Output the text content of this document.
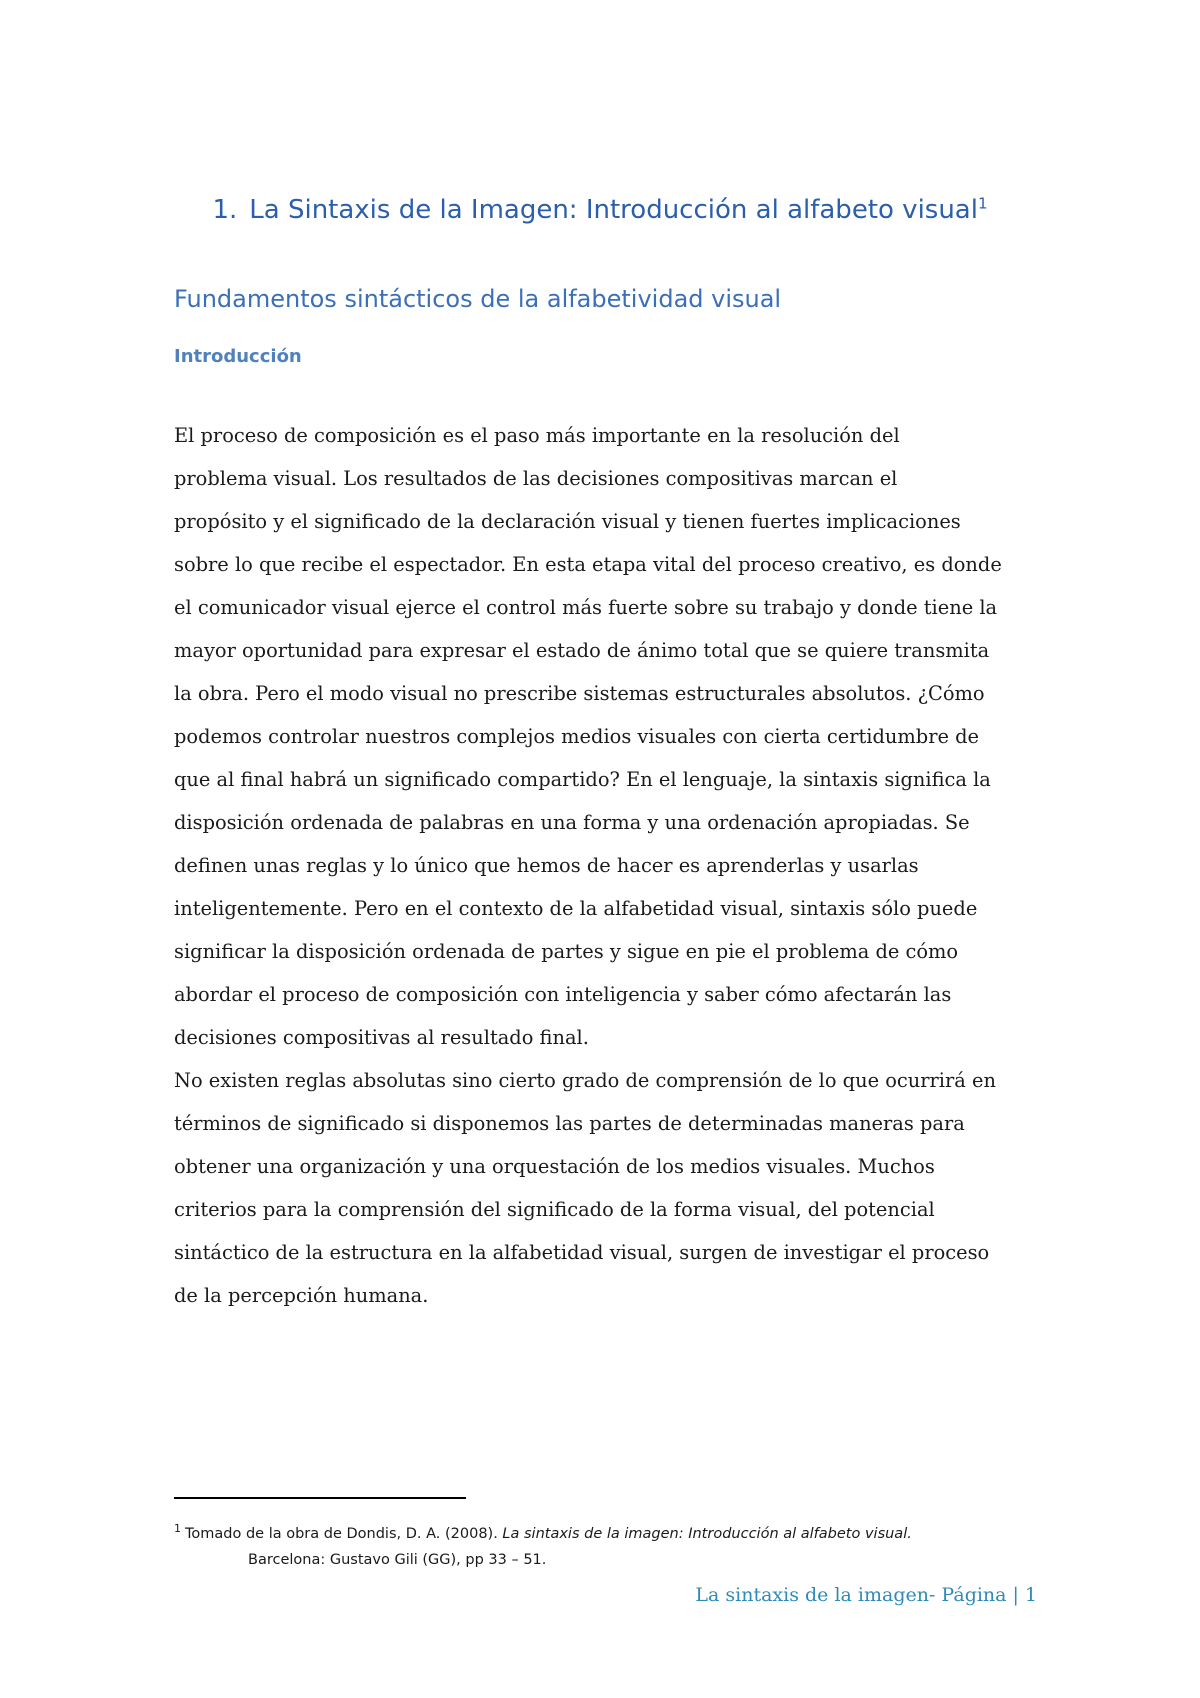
1. La Sintaxis de la Imagen: Introducción al alfabeto visual$^1$
Fundamentos sintácticos de la alfabetividad visual
Introducción
El proceso de composición es el paso más importante en la resolución del
problema visual. Los resultados de las decisiones compositivas marcan el
propósito y el significado de la declaración visual y tienen fuertes implicaciones
sobre lo que recibe el espectador. En esta etapa vital del proceso creativo, es donde
el comunicador visual ejerce el control más fuerte sobre su trabajo y donde tiene la
mayor oportunidad para expresar el estado de ánimo total que se quiere transmita
la obra. Pero el modo visual no prescribe sistemas estructurales absolutos. ¿Cómo
podemos controlar nuestros complejos medios visuales con cierta certidumbre de
que al final habrá un significado compartido? En el lenguaje, la sintaxis significa la
disposición ordenada de palabras en una forma y una ordenación apropiadas. Se
definen unas reglas y lo único que hemos de hacer es aprenderlas y usarlas
inteligentemente. Pero en el contexto de la alfabetidad visual, sintaxis sólo puede
significar la disposición ordenada de partes y sigue en pie el problema de cómo
abordar el proceso de composición con inteligencia y saber cómo afectarán las
decisiones compositivas al resultado final.
No existen reglas absolutas sino cierto grado de comprensión de lo que ocurrirá en
términos de significado si disponemos las partes de determinadas maneras para
obtener una organización y una orquestación de los medios visuales. Muchos
criterios para la comprensión del significado de la forma visual, del potencial
sintáctico de la estructura en la alfabetidad visual, surgen de investigar el proceso
de la percepción humana.
$^1$ Tomado de la obra de Dondis, D. A. (2008). La sintaxis de la imagen: Introducción al alfabeto visual.
Barcelona: Gustavo Gili (GG), pp 33 – 51.
La sintaxis de la imagen- Página | 1
